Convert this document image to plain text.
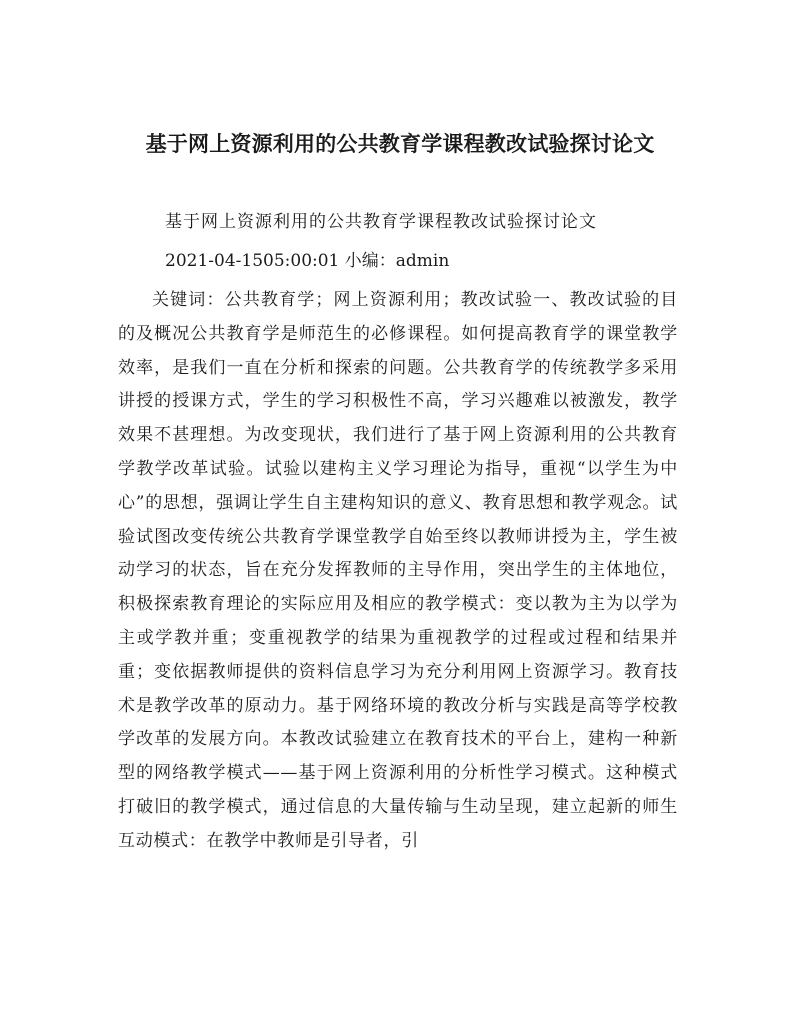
基于网上资源利用的公共教育学课程教改试验探讨论文
基于网上资源利用的公共教育学课程教改试验探讨论文
2021-04-1505:00:01 小编：admin

关键词：公共教育学；网上资源利用；教改试验一、教改试验的目的及概况公共教育学是师范生的必修课程。如何提高教育学的课堂教学效率，是我们一直在分析和探索的问题。公共教育学的传统教学多采用讲授的授课方式，学生的学习积极性不高，学习兴趣难以被激发，教学效果不甚理想。为改变现状，我们进行了基于网上资源利用的公共教育学教学改革试验。试验以建构主义学习理论为指导，重视“以学生为中心”的思想，强调让学生自主建构知识的意义、教育思想和教学观念。试验试图改变传统公共教育学课堂教学自始至终以教师讲授为主，学生被动学习的状态，旨在充分发挥教师的主导作用，突出学生的主体地位，积极探索教育理论的实际应用及相应的教学模式：变以教为主为以学为主或学教并重；变重视教学的结果为重视教学的过程或过程和结果并重；变依据教师提供的资料信息学习为充分利用网上资源学习。教育技术是教学改革的原动力。基于网络环境的教改分析与实践是高等学校教学改革的发展方向。本教改试验建立在教育技术的平台上，建构一种新型的网络教学模式——基于网上资源利用的分析性学习模式。这种模式打破旧的教学模式，通过信息的大量传输与生动呈现，建立起新的师生互动模式：在教学中教师是引导者，引
